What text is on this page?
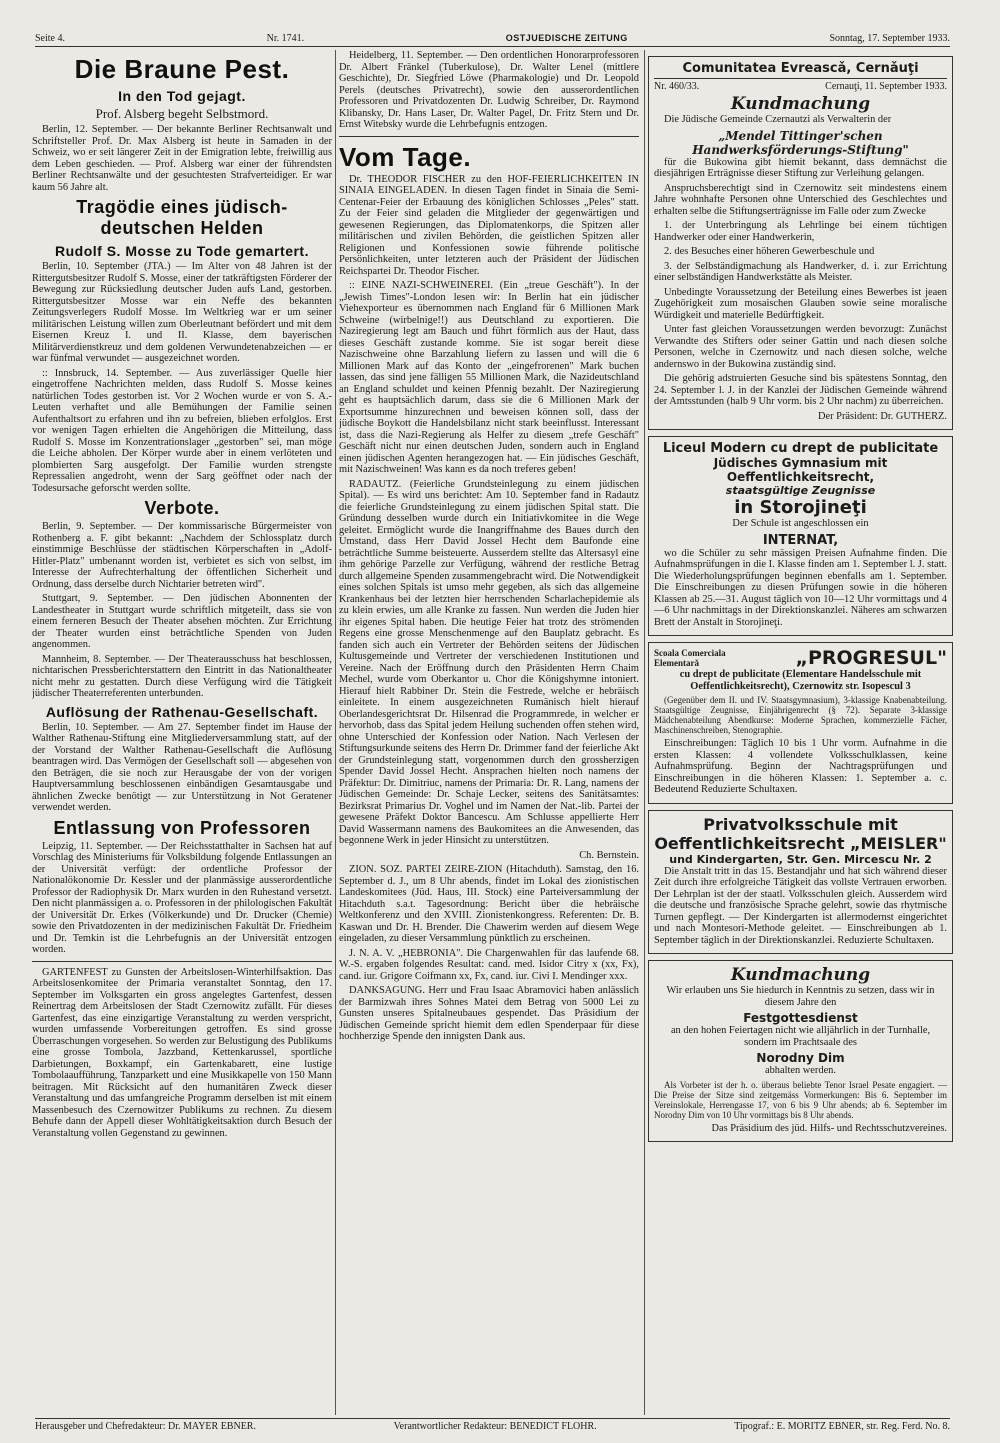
Seite 4.	Nr. 1741.	OSTJUEDISCHE ZEITUNG	Sonntag, 17. September 1933.
Die Braune Pest.
In den Tod gejagt.
Prof. Alsberg begeht Selbstmord.

Berlin, 12. September. — Der bekannte Berliner Rechtsanwalt und Schriftsteller Prof. Dr. Max Alsberg ist heute in Samaden in der Schweiz, wo er seit längerer Zeit in der Emigration lebte, freiwillig aus dem Leben geschieden. — Prof. Alsberg war einer der führendsten Berliner Rechtsanwälte und der gesuchtesten Strafverteidiger. Er war kaum 56 Jahre alt.

Tragödie eines jüdisch-deutschen Helden
Rudolf S. Mosse zu Tode gemartert.

Berlin, 10. September (JTA.) — Im Alter von 48 Jahren ist der Rittergutsbesitzer Rudolf S. Mosse, einer der tatkräftigsten Förderer der Bewegung zur Rücksiedlung deutscher Juden aufs Land, gestorben. Rittergutsbesitzer Mosse war ein Neffe des bekannten Zeitungsverlegers Rudolf Mosse. Im Weltkrieg war er um seiner militärischen Leistung willen zum Oberleutnant befördert und mit dem Eisernen Kreuz I. und II. Klasse, dem bayerischen Militärverdienstkreuz und dem goldenen Verwundetenabzeichen — er war fünfmal verwundet — ausgezeichnet worden.

:: Innsbruck, 14. September. — Aus zuverlässiger Quelle hier eingetroffene Nachrichten melden, dass Rudolf S. Mosse keines natürlichen Todes gestorben ist. Vor 2 Wochen wurde er von S. A.-Leuten verhaftet und alle Bemühungen der Familie seinen Aufenthaltsort zu erfahren und ihn zu befreien, blieben erfolglos. Erst vor wenigen Tagen erhielten die Angehörigen die Mitteilung, dass Rudolf S. Mosse im Konzentrationslager „gestorben" sei, man möge die Leiche abholen. Der Körper wurde aber in einem verlöteten und plombierten Sarg ausgefolgt. Der Familie wurden strengste Repressalien angedroht, wenn der Sarg geöffnet oder nach der Todesursache geforscht werden sollte.

Verbote.

Berlin, 9. September. — Der kommissarische Bürgermeister von Rothenberg a. F. gibt bekannt: „Nachdem der Schlossplatz durch einstimmige Beschlüsse der städtischen Körperschaften in „Adolf-Hitler-Platz" umbenannt worden ist, verbietet es sich von selbst, im Interesse der Aufrechterhaltung der öffentlichen Sicherheit und Ordnung, dass derselbe durch Nichtarier betreten wird".

Stuttgart, 9. September. — Den jüdischen Abonnenten der Landestheater in Stuttgart wurde schriftlich mitgeteilt, dass sie von einem ferneren Besuch der Theater absehen möchten. Zur Errichtung der Theater wurden einst beträchtliche Spenden von Juden angenommen.

Mannheim, 8. September. — Der Theaterausschuss hat beschlossen, nichtarischen Pressberichterstattern den Eintritt in das Nationaltheater nicht mehr zu gestatten. Durch diese Verfügung wird die Tätigkeit jüdischer Theaterreferenten unterbunden.

Auflösung der Rathenau-Gesellschaft.

Berlin, 10. September. — Am 27. September findet im Hause der Walther Rathenau-Stiftung eine Mitgliederversammlung statt, auf der der Vorstand der Walther Rathenau-Gesellschaft die Auflösung beantragen wird. Das Vermögen der Gesellschaft soll — abgesehen von den Beträgen, die sie noch zur Herausgabe der von der vorigen Hauptversammlung beschlossenen einbändigen Gesamtausgabe und ähnlichen Zwecke benötigt — zur Unterstützung in Not Geratener verwendet werden.

Entlassung von Professoren

Leipzig, 11. September. — Der Reichsstatthalter in Sachsen hat auf Vorschlag des Ministeriums für Volksbildung folgende Entlassungen an der Universität verfügt: der ordentliche Professor der Nationalökonomie Dr. Kessler und der planmässige ausserordentliche Professor der Radiophysik Dr. Marx wurden in den Ruhestand versetzt. Den nicht planmässigen a. o. Professoren in der philologischen Fakultät der Universität Dr. Erkes (Völkerkunde) und Dr. Drucker (Chemie) sowie den Privatdozenten in der medizinischen Fakultät Dr. Friedheim und Dr. Temkin ist die Lehrbefugnis an der Universität entzogen worden.

GARTENFEST zu Gunsten der Arbeitslosen-Winterhilfsaktion. Das Arbeitslosenkomitee der Primaria veranstaltet Sonntag, den 17. September im Volksgarten ein gross angelegtes Gartenfest, dessen Reinertrag dem Arbeitslosen der Stadt Czernowitz zufällt. Für dieses Gartenfest, das eine einzigartige Veranstaltung zu werden verspricht, wurden umfassende Vorbereitungen getroffen. Es sind grosse Überraschungen vorgesehen. So werden zur Belustigung des Publikums eine grosse Tombola, Jazzband, Kettenkarussel, sportliche Darbietungen, Boxkampf, ein Gartenkabarett, eine lustige Tombolaaufführung, Tanzparkett und eine Musikkapelle von 150 Mann beitragen. Mit Rücksicht auf den humanitären Zweck dieser Veranstaltung und das umfangreiche Programm derselben ist mit einem Massenbesuch des Czernowitzer Publikums zu rechnen. Zu diesem Behufe dann der Appell dieser Wohltätigkeitsaktion durch Besuch der Veranstaltung vollen Gegenstand zu gewinnen.

Heidelberg, 11. September. — Den ordentlichen Honorarprofessoren Dr. Albert Fränkel (Tuberkulose), Dr. Walter Lenel (mittlere Geschichte), Dr. Siegfried Löwe (Pharmakologie) und Dr. Leopold Perels (deutsches Privatrecht), sowie den ausserordentlichen Professoren und Privatdozenten Dr. Ludwig Schreiber, Dr. Raymond Klibansky, Dr. Hans Laser, Dr. Walter Pagel, Dr. Fritz Stern und Dr. Ernst Witebsky wurde die Lehrbefugnis entzogen.

Vom Tage.

Dr. THEODOR FISCHER zu den HOF-FEIERLICHKEITEN IN SINAIA EINGELADEN. In diesen Tagen findet in Sinaia die Semi-Centenar-Feier der Erbauung des königlichen Schlosses „Peles" statt. Zu der Feier sind geladen die Mitglieder der gegenwärtigen und gewesenen Regierungen, das Diplomatenkorps, die Spitzen aller militärischen und zivilen Behörden, die geistlichen Spitzen aller Religionen und Konfessionen sowie führende politische Persönlichkeiten, unter letzteren auch der Präsident der Jüdischen Reichspartei Dr. Theodor Fischer.

:: EINE NAZI-SCHWEINEREI. (Ein „treue Geschäft"). In der „Jewish Times"-London lesen wir: In Berlin hat ein jüdischer Viehexporteur es übernommen nach England für 6 Millionen Mark Schweine (wirbelnige!!) aus Deutschland zu exportieren. Die Naziregierung legt am Bauch und führt förmlich aus der Haut, dass dieses Geschäft zustande komme. Sie ist sogar bereit diese Nazischweine ohne Barzahlung liefern zu lassen und will die 6 Millionen Mark auf das Konto der „eingefrorenen" Mark buchen lassen, das sind jene fälligen 55 Millionen Mark, die Nazideutschland an England schuldet und keinen Pfennig bezahlt. Der Naziregierung geht es hauptsächlich darum, dass sie die 6 Millionen Mark der Exportsumme hinzurechnen und beweisen können soll, dass der jüdische Boykott die Handelsbilanz nicht stark beeinflusst. Interessant ist, dass die Nazi-Regierung als Helfer zu diesem „trefe Geschäft" Geschäft nicht nur einen deutschen Juden, sondern auch in England einen jüdischen Agenten herangezogen hat. — Ein jüdisches Geschäft, mit Nazischweinen! Was kann es da noch treferes geben!

RADAUTZ. (Feierliche Grundsteinlegung zu einem jüdischen Spital). — Es wird uns berichtet: Am 10. September fand in Radautz die feierliche Grundsteinlegung zu einem jüdischen Spital statt. Die Gründung desselben wurde durch ein Initiativkomitee in die Wege geleitet. Ermöglicht wurde die Inangriffnahme des Baues durch den Umstand, dass Herr David Jossel Hecht dem Baufonde eine beträchtliche Summe beisteuerte. Ausserdem stellte das Altersasyl eine ihm gehörige Parzelle zur Verfügung, während der restliche Betrag durch allgemeine Spenden zusammengebracht wird. Die Notwendigkeit eines solchen Spitals ist umso mehr gegeben, als sich das allgemeine Krankenhaus bei der letzten hier herrschenden Scharlachepidemie als zu klein erwies, um alle Kranke zu fassen. Nun werden die Juden hier ihr eigenes Spital haben. Die heutige Feier hat trotz des strömenden Regens eine grosse Menschenmenge auf den Bauplatz gebracht. Es fanden sich auch ein Vertreter der Behörden seitens der Jüdischen Kultusgemeinde und Vertreter der verschiedenen Institutionen und Vereine. Nach der Eröffnung durch den Präsidenten Herrn Chaim Mechel, wurde vom Oberkantor u. Chor die Königshymne intoniert. Hierauf hielt Rabbiner Dr. Stein die Festrede, welche er hebräisch einleitete. In einem ausgezeichneten Rumänisch hielt hierauf Oberlandesgerichtsrat Dr. Hilsenrad die Programmrede, in welcher er hervorhob, dass das Spital jedem Heilung suchenden offen stehen wird, ohne Unterschied der Konfession oder Nation. Nach Verlesen der Stiftungsurkunde seitens des Herrn Dr. Drimmer fand der feierliche Akt der Grundsteinlegung statt, vorgenommen durch den grossherzigen Spender David Jossel Hecht. Ansprachen hielten noch namens der Präfektur: Dr. Dimitriuc, namens der Primaria: Dr. R. Lang, namens der Jüdischen Gemeinde: Dr. Schaje Lecker, seitens des Sanitätsamtes: Bezirksrat Primarius Dr. Voghel und im Namen der Nat.-lib. Partei der gewesene Präfekt Doktor Bancescu. Am Schlusse appellierte Herr David Wassermann namens des Baukomitees an die Anwesenden, das begonnene Werk in jeder Hinsicht zu unterstützen.

Ch. Bernstein.

ZION. SOZ. PARTEI ZEIRE-ZION (Hitachduth). Samstag, den 16. September d. J., um 8 Uhr abends, findet im Lokal des zionistischen Landeskomitees (Jüd. Haus, III. Stock) eine Parteiversammlung der Hitachduth s.a.t. Tagesordnung: Bericht über die hebräische Weltkonferenz und den XVIII. Zionistenkongress. Referenten: Dr. B. Kaswan und Dr. H. Brender. Die Chawerim werden auf diesem Wege eingeladen, zu dieser Versammlung pünktlich zu erscheinen.

J. N. A. V. „HEBRONIA". Die Chargenwahlen für das laufende 68. W.-S. ergaben folgendes Resultat: cand. med. Isidor Citry x (xx, Fx), cand. iur. Grigore Coifmann xx, Fx, cand. iur. Civi I. Mendinger xxx.

DANKSAGUNG. Herr und Frau Isaac Abramovici haben anlässlich der Barmizwah ihres Sohnes Matei dem Betrag von 5000 Lei zu Gunsten unseres Spitalneubaues gespendet. Das Präsidium der Jüdischen Gemeinde spricht hiemit dem edlen Spenderpaar für diese hochherzige Spende den innigsten Dank aus.

Comunitatea Evreascǎ, Cernǎuţi
Nr. 460/33.	Cernauţi, 11. September 1933.
Kundmachung

Die Jüdische Gemeinde Czernautzi als Verwalterin der

„Mendel Tittinger'schen Handwerksförderungs-Stiftung"

für die Bukowina gibt hiemit bekannt, dass demnächst die diesjährigen Erträgnisse dieser Stiftung zur Verleihung gelangen.

Anspruchsberechtigt sind in Czernowitz seit mindestens einem Jahre wohnhafte Personen ohne Unterschied des Geschlechtes und erhalten selbe die Stiftungserträgnisse im Falle oder zum Zwecke

1. der Unterbringung als Lehrlinge bei einem tüchtigen Handwerker oder einer Handwerkerin,

2. des Besuches einer höheren Gewerbeschule und

3. der Selbständigmachung als Handwerker, d. i. zur Errichtung einer selbständigen Handwerkstätte als Meister.

Unbedingte Voraussetzung der Beteilung eines Bewerbes ist jeaen Zugehörigkeit zum mosaischen Glauben sowie seine moralische Würdigkeit und materielle Bedürftigkeit.

Unter fast gleichen Voraussetzungen werden bevorzugt: Zunächst Verwandte des Stifters oder seiner Gattin und nach diesen solche Personen, welche in Czernowitz und nach diesen solche, welche andernswo in der Bukowina zuständig sind.

Die gehörig adstruierten Gesuche sind bis spätestens Sonntag, den 24. September l. J. in der Kanzlei der Jüdischen Gemeinde während der Amtsstunden (halb 9 Uhr vorm. bis 2 Uhr nachm) zu überreichen.

Der Präsident: Dr. GUTHERZ.

Liceul Modern cu drept de publicitate
Jüdisches Gymnasium mit Oeffentlichkeitsrecht,
staatsgültige Zeugnisse
in Storojineţi

Der Schule ist angeschlossen ein

INTERNAT,

wo die Schüler zu sehr mässigen Preisen Aufnahme finden. Die Aufnahmsprüfungen in die I. Klasse finden am 1. September l. J. statt. Die Wiederholungsprüfungen beginnen ebenfalls am 1. September. Die Einschreibungen zu diesen Prüfungen sowie in die höheren Klassen ab 25.—31. August täglich von 10—12 Uhr vormittags und 4—6 Uhr nachmittags in der Direktionskanzlei. Näheres am schwarzen Brett der Anstalt in Storojineţi.

Scoala Comerciala Elementarǎ	„PROGRESUL"

cu drept de publicitate (Elementare Handelsschule mit Oeffentlichkeitsrecht), Czernowitz str. Isopescul 3

(Gegenüber dem II. und IV. Staatsgymnasium), 3-klassige Knabenabteilung. Staatsgültige Zeugnisse, Einjährigenrecht (§ 72). Separate 3-klassige Mädchenabteilung Abendkurse: Moderne Sprachen, kommerzielle Fächer, Maschinenschreiben, Stenographie.

Einschreibungen: Täglich 10 bis 1 Uhr vorm. Aufnahme in die ersten Klassen: 4 vollendete Volksschulklassen, keine Aufnahmsprüfung. Beginn der Nachtragsprüfungen und Einschreibungen in die höheren Klassen: 1. September a. c. Bedeutend Reduzierte Schultaxen.

Privatvolksschule mit Oeffentlichkeitsrecht „MEISLER"
und Kindergarten, Str. Gen. Mircescu Nr. 2

Die Anstalt tritt in das 15. Bestandjahr und hat sich während dieser Zeit durch ihre erfolgreiche Tätigkeit das vollste Vertrauen erworben. Der Lehrplan ist der der staatl. Volksschulen gleich. Ausserdem wird die deutsche und französische Sprache gelehrt, sowie das rhytmische Turnen gepflegt. — Der Kindergarten ist allermodernst eingerichtet und nach Montesori-Methode geleitet. — Einschreibungen ab 1. September täglich in der Direktionskanzlei. Reduzierte Schultaxen.

Kundmachung

Wir erlauben uns Sie hiedurch in Kenntnis zu setzen, dass wir in diesem Jahre den

Festgottesdienst

an den hohen Feiertagen nicht wie alljährlich in der Turnhalle, sondern im Prachtsaale des

Norodny Dim

abhalten werden.

Als Vorbeter ist der h. o. überaus beliebte Tenor Israel Pesate engagiert. — Die Preise der Sitze sind zeitgemäss Vormerkungen: Bis 6. September im Vereinslokale, Herrengasse 17, von 6 bis 9 Uhr abends; ab 6. September im Norodny Dim von 10 Uhr vormittags bis 8 Uhr abends.

Das Präsidium des jüd. Hilfs- und Rechtsschutzvereines.

Herausgeber und Chefredakteur: Dr. MAYER EBNER.	Verantwortlicher Redakteur: BENEDICT FLOHR.	Tipograf.: E. MORITZ EBNER, str. Reg. Ferd. No. 8.
